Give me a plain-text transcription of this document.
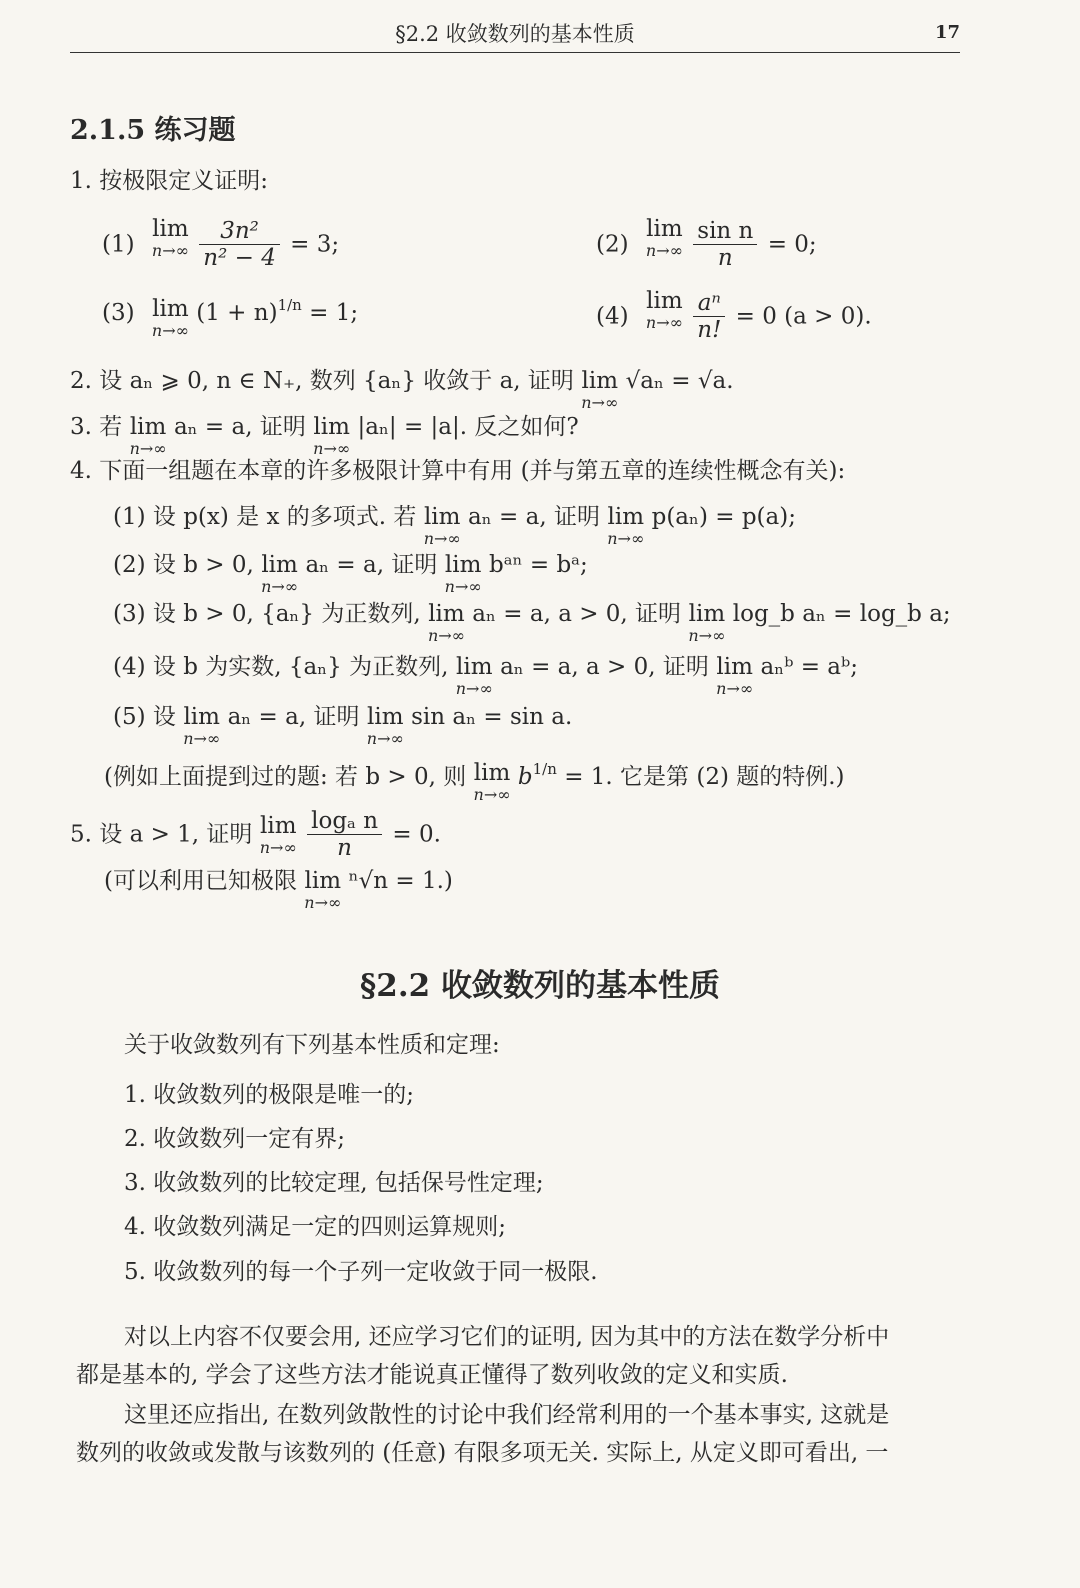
§2.2 收敛数列的基本性质	17
2.1.5 练习题
1. 按极限定义证明:
(1)
lim
n→∞
$\frac{\text{3n²}}{\text{n² − 4}} = 3$;	(2)
lim
n→∞
$\frac{\text{sin n}}{n} = 0$;
(3) lim
n→∞
$(1 + n)^{1/n} = 1$;	(4)
lim
n→∞
$\frac{\text{aⁿ}}{n!} = 0$ (a > 0).
2. 设 aₙ ⩾ 0, n ∈ N₊, 数列 {aₙ} 收敛于 a, 证明 lim
n→∞
√aₙ = √a.
3. 若 lim
n→∞
aₙ = a, 证明 lim
n→∞
|aₙ| = |a|. 反之如何?
4. 下面一组题在本章的许多极限计算中有用 (并与第五章的连续性概念有关):
(1) 设 p(x) 是 x 的多项式. 若 lim
n→∞
aₙ = a, 证明 lim
n→∞
p(aₙ) = p(a);
(2) 设 b > 0, lim
n→∞
aₙ = a, 证明 lim
n→∞
bᵃⁿ = bᵃ;
(3) 设 b > 0, {aₙ} 为正数列, lim
n→∞
aₙ = a, a > 0, 证明 lim
n→∞
log_b aₙ = log_b a;
(4) 设 b 为实数, {aₙ} 为正数列, lim
n→∞
aₙ = a, a > 0, 证明 lim
n→∞
aₙᵇ = aᵇ;
(5) 设 lim
n→∞
aₙ = a, 证明 lim
n→∞
sin aₙ = sin a.
(例如上面提到过的题: 若 b > 0, 则 lim
n→∞
$b^{1/n} = 1$. 它是第 (2) 题的特例.)
5. 设 a > 1, 证明 lim
n→∞
$\frac{\text{logₐ n}}{n} = 0$.
(可以利用已知极限 lim
n→∞
ⁿ√n = 1.)
§2.2 收敛数列的基本性质
关于收敛数列有下列基本性质和定理:
1. 收敛数列的极限是唯一的;
2. 收敛数列一定有界;
3. 收敛数列的比较定理, 包括保号性定理;
4. 收敛数列满足一定的四则运算规则;
5. 收敛数列的每一个子列一定收敛于同一极限.
对以上内容不仅要会用, 还应学习它们的证明, 因为其中的方法在数学分析中
都是基本的, 学会了这些方法才能说真正懂得了数列收敛的定义和实质.
这里还应指出, 在数列敛散性的讨论中我们经常利用的一个基本事实, 这就是
数列的收敛或发散与该数列的 (任意) 有限多项无关. 实际上, 从定义即可看出, 一
